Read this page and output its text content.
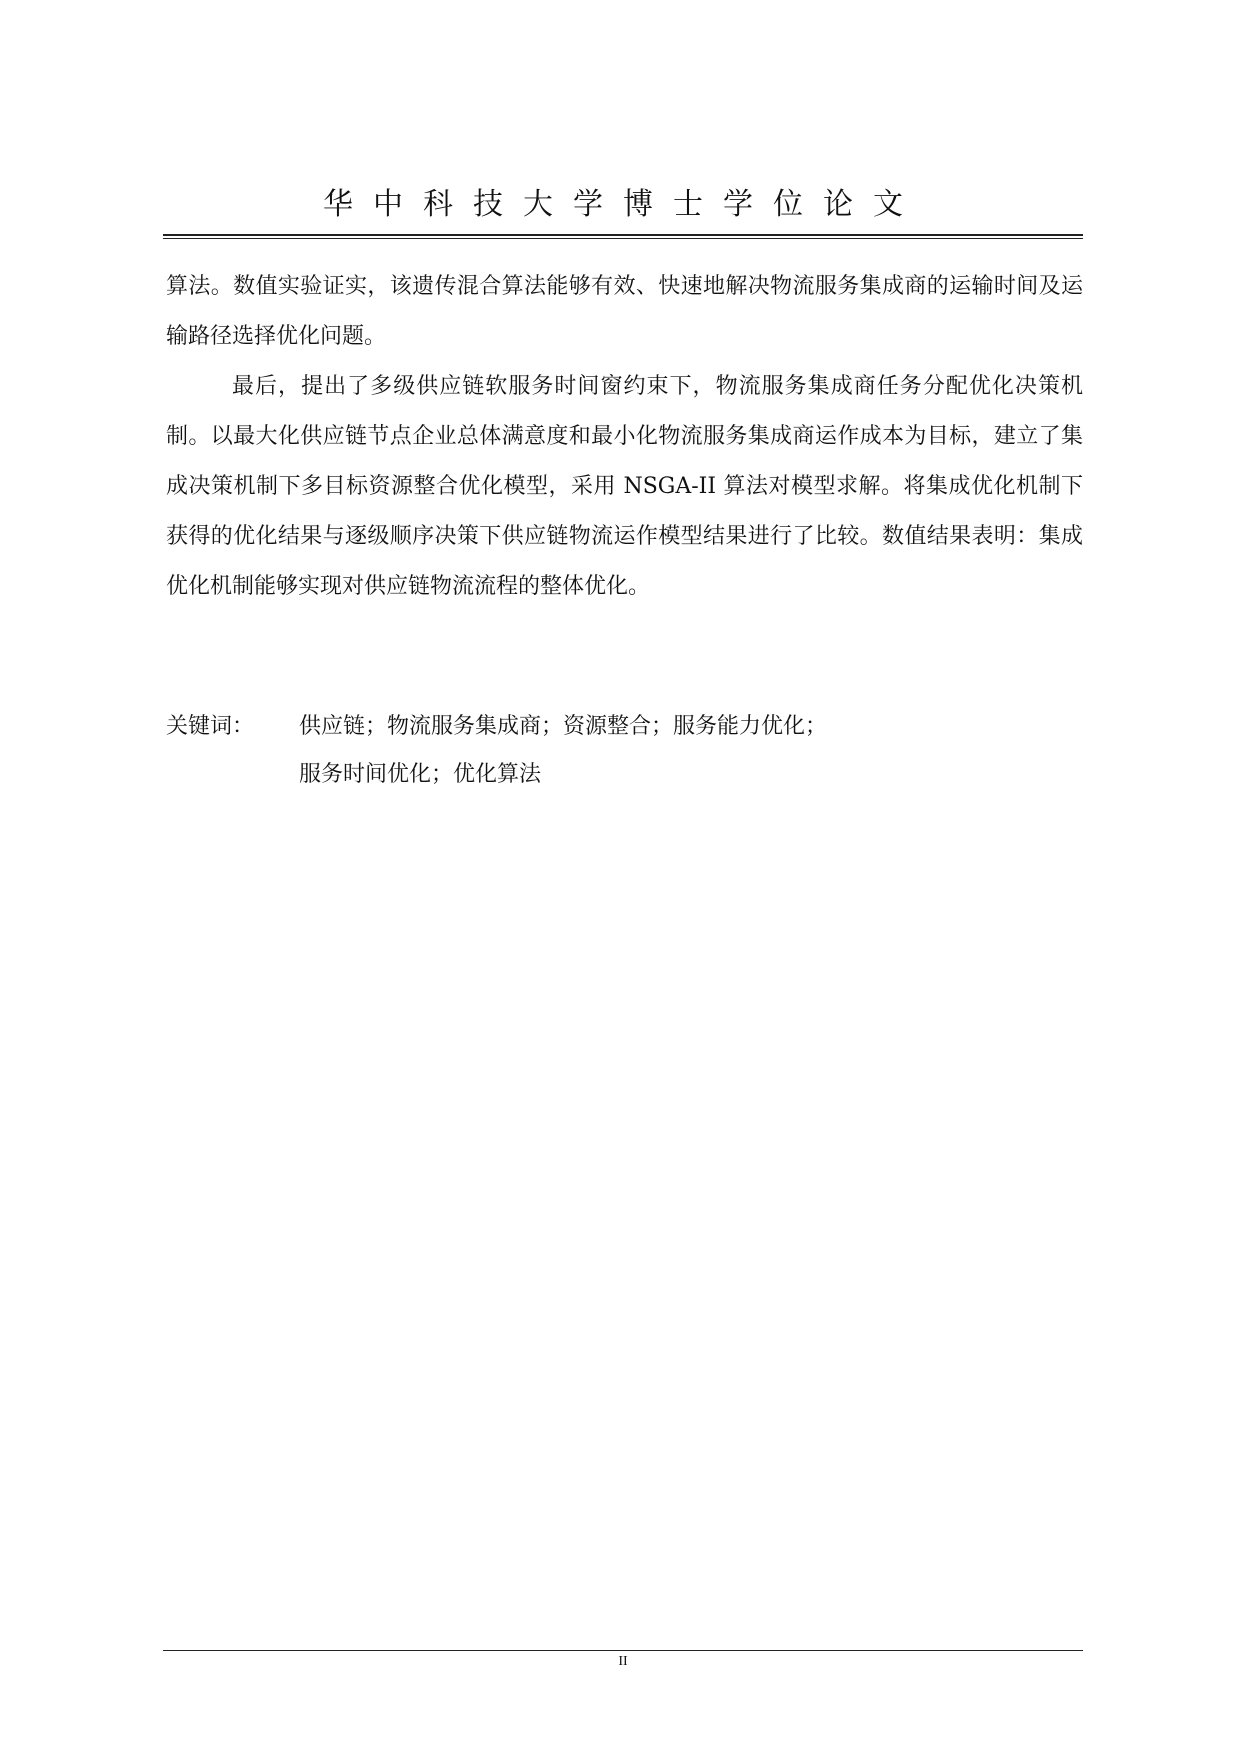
华中科技大学博士学位论文

算法。数值实验证实，该遗传混合算法能够有效、快速地解决物流服务集成商的运输时间及运输路径选择优化问题。

最后，提出了多级供应链软服务时间窗约束下，物流服务集成商任务分配优化决策机制。以最大化供应链节点企业总体满意度和最小化物流服务集成商运作成本为目标，建立了集成决策机制下多目标资源整合优化模型，采用 NSGA-II 算法对模型求解。将集成优化机制下获得的优化结果与逐级顺序决策下供应链物流运作模型结果进行了比较。数值结果表明：集成优化机制能够实现对供应链物流流程的整体优化。

关键词： 供应链；物流服务集成商；资源整合；服务能力优化；
服务时间优化；优化算法
II
